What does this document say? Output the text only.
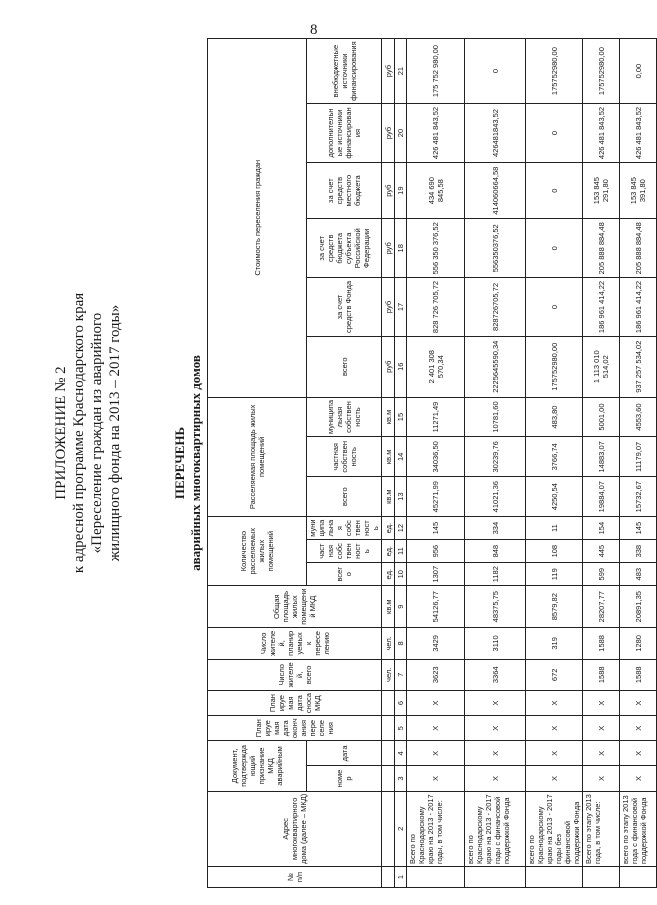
8
ПРИЛОЖЕНИЕ № 2 к адресной программе Краснодарского края «Переселение граждан из аварийного жилищного фонда на 2013 – 2017 годы»	ПЕРЕЧЕНЬ аварийных многоквартирных домов
№ п/п	Адрес многоквартирного дома (далее – МКД)	Документ, подтверждающий признание МКД аварийным		Планируемая дата окончания переселения	Планируемая дата сноса МКД	Число жителей, всего	Число жителей, планируемых к переселению	Общая площадь жилых помещений МКД	Количество расселяемых жилых помещений			Расселяемая площадь жилых помещений			Стоимость переселения граждан					
		номер	дата						всего	частная собственность	муниципальная собственность	всего	частная собственность	муниципальная собственность	всего	за счет средств Фонда	за счет средств бюджета субъекта Российской Федерации	за счет средств местного бюджета	дополнительные источники финансирования	внебюджетные источники финансирования
						чел.	чел.	кв.м	ед.	ед.	ед.	кв.м	кв.м	кв.м	руб	руб	руб	руб	руб	руб
1	2	3	4	5	6	7	8	9	10	11	12	13	14	15	16	17	18	19	20	21
	Всего по Краснодарскому краю на 2013 - 2017 годы, в том числе:	X	X	X	X	3623	3429	54126,77	1307	956	145	45271,99	34036,50	11271,49	2 401 308 570,34	828 726 705,72	556 350 376,52	434 690 845,58	426 481 843,52	175 752 980,00
	всего по Краснодарскому краю на 2013 - 2017 годы с финансовой поддержкой Фонда	X	X	X	X	3364	3110	48375,75	1182	848	334	41021,36	30239,76	10781,60	2225645590,34	828726705,72	556350376,52	414060664,58	426481843,52	0
	всего по Краснодарскому краю на 2013 - 2017 годы без финансовой поддержки Фонда	X	X	X	X	672	319	8579,82	119	108	11	4250,54	3766,74	483,80	175752980,00	0	0	0	0	175752980,00
	Всего по этапу 2013 года, в том числе:	X	X	X	X	1588	1588	28207,77	599	445	154	19884,07	14883,07	5001,00	1 113 010 514,02	186 961 414,22	205 888 884,48	153 845 291,80	426 481 843,52	175752980,00
	всего по этапу 2013 года с финансовой поддержкой Фонда	X	X	X	X	1588	1280	20891,35	483	338	145	15732,67	11179,07	4553,60	937 257 534,02	186 961 414,22	205 888 884,48	153 845 391,80	426 481 843,52	0,00
